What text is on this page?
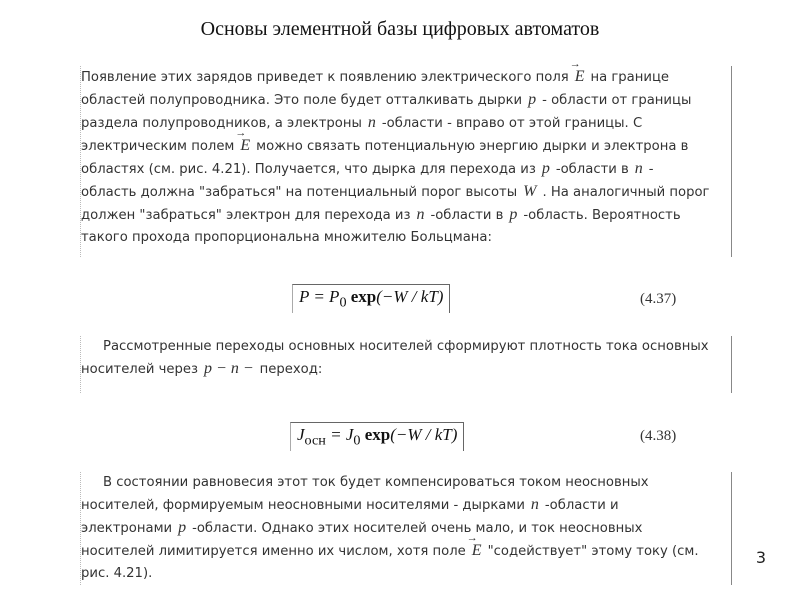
Основы элементной базы цифровых автоматов

Появление этих зарядов приведет к появлению электрического поля → E на границе

областей полупроводника. Это поле будет отталкивать дырки p - области от границы

раздела полупроводников, а электроны n -области - вправо от этой границы. С

электрическим полем → E можно связать потенциальную энергию дырки и электрона в

областях (см. рис. 4.21). Получается, что дырка для перехода из p -области в n -

область должна "забраться" на потенциальный порог высоты W . На аналогичный порог

должен "забраться" электрон для перехода из n -области в p -область. Вероятность

такого прохода пропорциональна множителю Больцмана:

$P = P_0$ exp(−W / kT)	(4.37)

Рассмотренные переходы основных носителей сформируют плотность тока основных

носителей через p − n − переход:

$J_{осн} = J_0$ exp(−W / kT)	(4.38)

В состоянии равновесия этот ток будет компенсироваться током неосновных

носителей, формируемым неосновными носителями - дырками n -области и

электронами p -области. Однако этих носителей очень мало, и ток неосновных

носителей лимитируется именно их числом, хотя поле → E "содействует" этому току (см.

рис. 4.21).

3
